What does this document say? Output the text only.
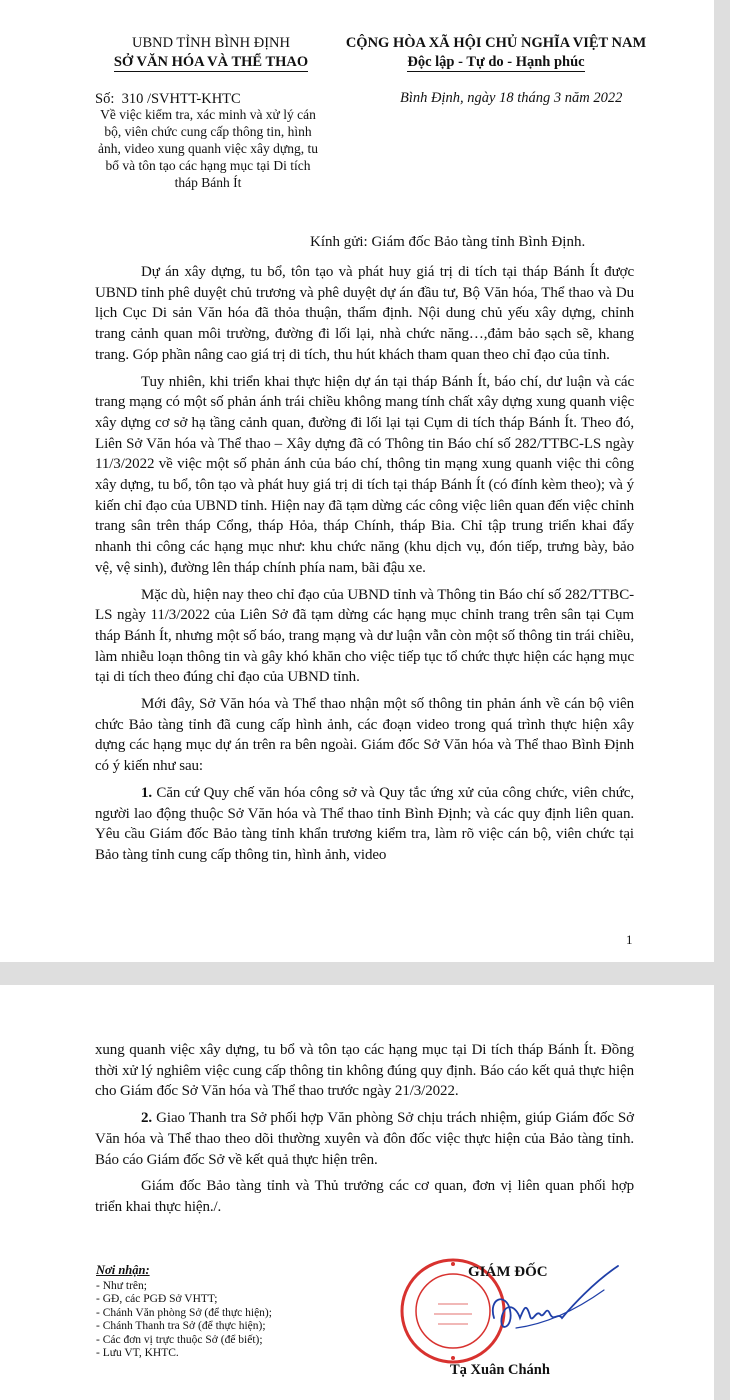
UBND TỈNH BÌNH ĐỊNH
SỞ VĂN HÓA VÀ THỂ THAO
CỘNG HÒA XÃ HỘI CHỦ NGHĨA VIỆT NAM
Độc lập - Tự do - Hạnh phúc
Số: 310 /SVHTT-KHTC	Bình Định, ngày 18 tháng 3 năm 2022
Về việc kiểm tra, xác minh và xử lý cán bộ, viên chức cung cấp thông tin, hình ảnh, video xung quanh việc xây dựng, tu bổ và tôn tạo các hạng mục tại Di tích tháp Bánh Ít
Kính gửi: Giám đốc Bảo tàng tỉnh Bình Định.

Dự án xây dựng, tu bổ, tôn tạo và phát huy giá trị di tích tại tháp Bánh Ít được UBND tỉnh phê duyệt chủ trương và phê duyệt dự án đầu tư, Bộ Văn hóa, Thể thao và Du lịch Cục Di sản Văn hóa đã thỏa thuận, thẩm định. Nội dung chủ yếu xây dựng, chỉnh trang cảnh quan môi trường, đường đi lối lại, nhà chức năng…,đảm bảo sạch sẽ, khang trang. Góp phần nâng cao giá trị di tích, thu hút khách tham quan theo chỉ đạo của tỉnh.

Tuy nhiên, khi triển khai thực hiện dự án tại tháp Bánh Ít, báo chí, dư luận và các trang mạng có một số phản ánh trái chiều không mang tính chất xây dựng xung quanh việc xây dựng cơ sở hạ tầng cảnh quan, đường đi lối lại tại Cụm di tích tháp Bánh Ít. Theo đó, Liên Sở Văn hóa và Thể thao – Xây dựng đã có Thông tin Báo chí số 282/TTBC-LS ngày 11/3/2022 về việc một số phản ánh của báo chí, thông tin mạng xung quanh việc thi công xây dựng, tu bổ, tôn tạo và phát huy giá trị di tích tại tháp Bánh Ít (có đính kèm theo); và ý kiến chỉ đạo của UBND tỉnh. Hiện nay đã tạm dừng các công việc liên quan đến việc chỉnh trang sân trên tháp Cổng, tháp Hỏa, tháp Chính, tháp Bia. Chỉ tập trung triển khai đẩy nhanh thi công các hạng mục như: khu chức năng (khu dịch vụ, đón tiếp, trưng bày, bảo vệ, vệ sinh), đường lên tháp chính phía nam, bãi đậu xe.

Mặc dù, hiện nay theo chỉ đạo của UBND tỉnh và Thông tin Báo chí số 282/TTBC-LS ngày 11/3/2022 của Liên Sở đã tạm dừng các hạng mục chỉnh trang trên sân tại Cụm tháp Bánh Ít, nhưng một số báo, trang mạng và dư luận vẫn còn một số thông tin trái chiều, làm nhiễu loạn thông tin và gây khó khăn cho việc tiếp tục tổ chức thực hiện các hạng mục tại di tích theo đúng chỉ đạo của UBND tỉnh.

Mới đây, Sở Văn hóa và Thể thao nhận một số thông tin phản ánh về cán bộ viên chức Bảo tàng tỉnh đã cung cấp hình ảnh, các đoạn video trong quá trình thực hiện xây dựng các hạng mục dự án trên ra bên ngoài. Giám đốc Sở Văn hóa và Thể thao Bình Định có ý kiến như sau:

1. Căn cứ Quy chế văn hóa công sở và Quy tắc ứng xử của công chức, viên chức, người lao động thuộc Sở Văn hóa và Thể thao tỉnh Bình Định; và các quy định liên quan. Yêu cầu Giám đốc Bảo tàng tỉnh khẩn trương kiểm tra, làm rõ việc cán bộ, viên chức tại Bảo tàng tỉnh cung cấp thông tin, hình ảnh, video

1

xung quanh việc xây dựng, tu bổ và tôn tạo các hạng mục tại Di tích tháp Bánh Ít. Đồng thời xử lý nghiêm việc cung cấp thông tin không đúng quy định. Báo cáo kết quả thực hiện cho Giám đốc Sở Văn hóa và Thể thao trước ngày 21/3/2022.

2. Giao Thanh tra Sở phối hợp Văn phòng Sở chịu trách nhiệm, giúp Giám đốc Sở Văn hóa và Thể thao theo dõi thường xuyên và đôn đốc việc thực hiện của Bảo tàng tỉnh. Báo cáo Giám đốc Sở về kết quả thực hiện trên.

Giám đốc Bảo tàng tỉnh và Thủ trưởng các cơ quan, đơn vị liên quan phối hợp triển khai thực hiện./.

Nơi nhận:
- Như trên;
- GĐ, các PGĐ Sở VHTT;
- Chánh Văn phòng Sở (để thực hiện);
- Chánh Thanh tra Sở (để thực hiện);
- Các đơn vị trực thuộc Sở (để biết);
- Lưu VT, KHTC.
GIÁM ĐỐC
Tạ Xuân Chánh
